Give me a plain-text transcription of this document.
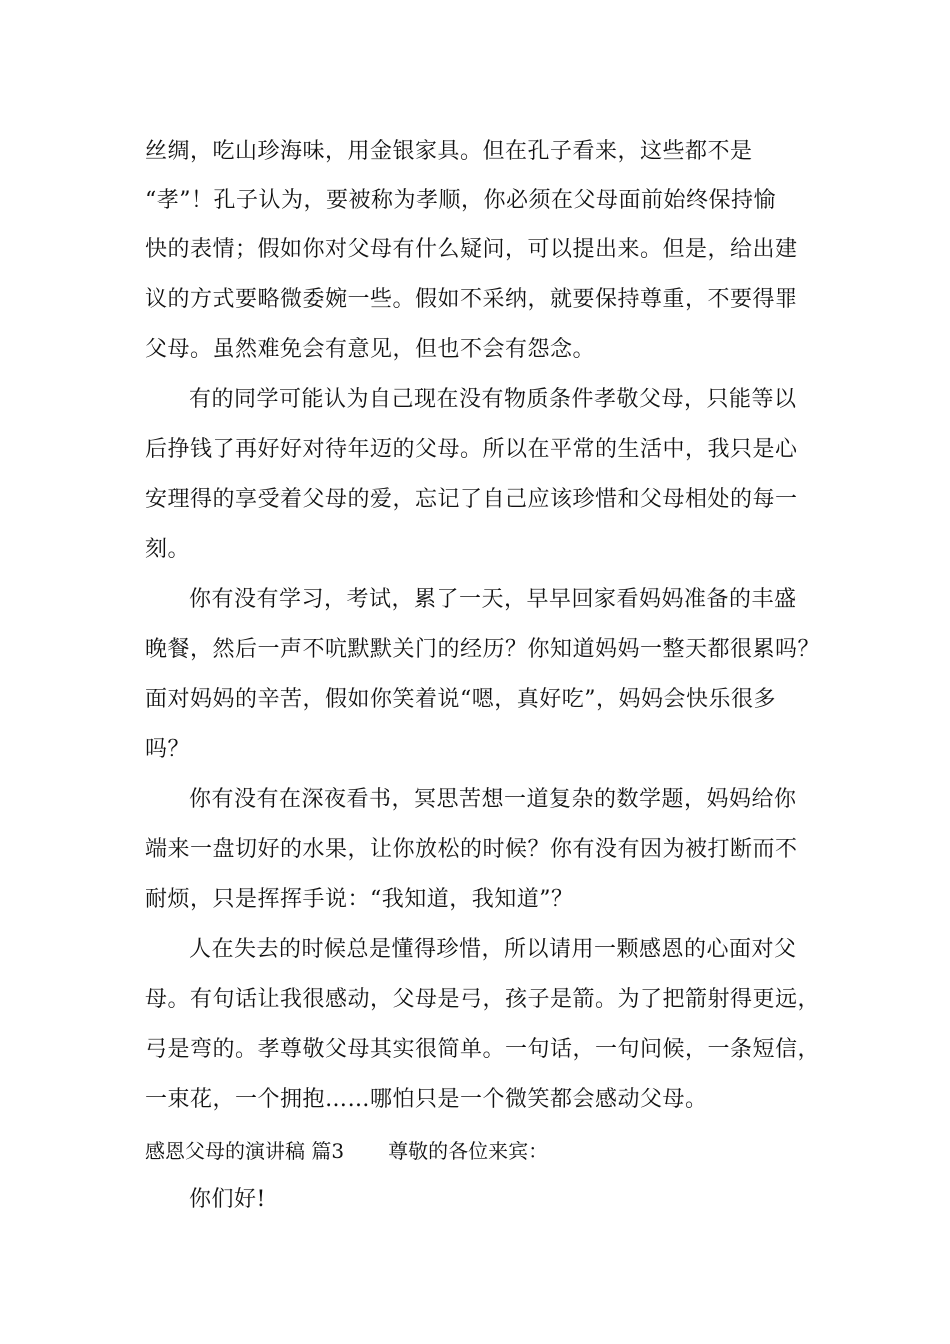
丝绸，吃山珍海味，用金银家具。但在孔子看来，这些都不是
“孝”！孔子认为，要被称为孝顺，你必须在父母面前始终保持愉
快的表情；假如你对父母有什么疑问，可以提出来。但是，给出建
议的方式要略微委婉一些。假如不采纳，就要保持尊重，不要得罪
父母。虽然难免会有意见，但也不会有怨念。
有的同学可能认为自己现在没有物质条件孝敬父母，只能等以
后挣钱了再好好对待年迈的父母。所以在平常的生活中，我只是心
安理得的享受着父母的爱，忘记了自己应该珍惜和父母相处的每一
刻。
你有没有学习，考试，累了一天，早早回家看妈妈准备的丰盛
晚餐，然后一声不吭默默关门的经历？你知道妈妈一整天都很累吗？
面对妈妈的辛苦，假如你笑着说“嗯，真好吃”，妈妈会快乐很多
吗？
你有没有在深夜看书，冥思苦想一道复杂的数学题，妈妈给你
端来一盘切好的水果，让你放松的时候？你有没有因为被打断而不
耐烦，只是挥挥手说：“我知道，我知道”？
人在失去的时候总是懂得珍惜，所以请用一颗感恩的心面对父
母。有句话让我很感动，父母是弓，孩子是箭。为了把箭射得更远，
弓是弯的。孝尊敬父母其实很简单。一句话，一句问候，一条短信，
一束花，一个拥抱……哪怕只是一个微笑都会感动父母。
感恩父母的演讲稿 篇3 尊敬的各位来宾：
你们好!
